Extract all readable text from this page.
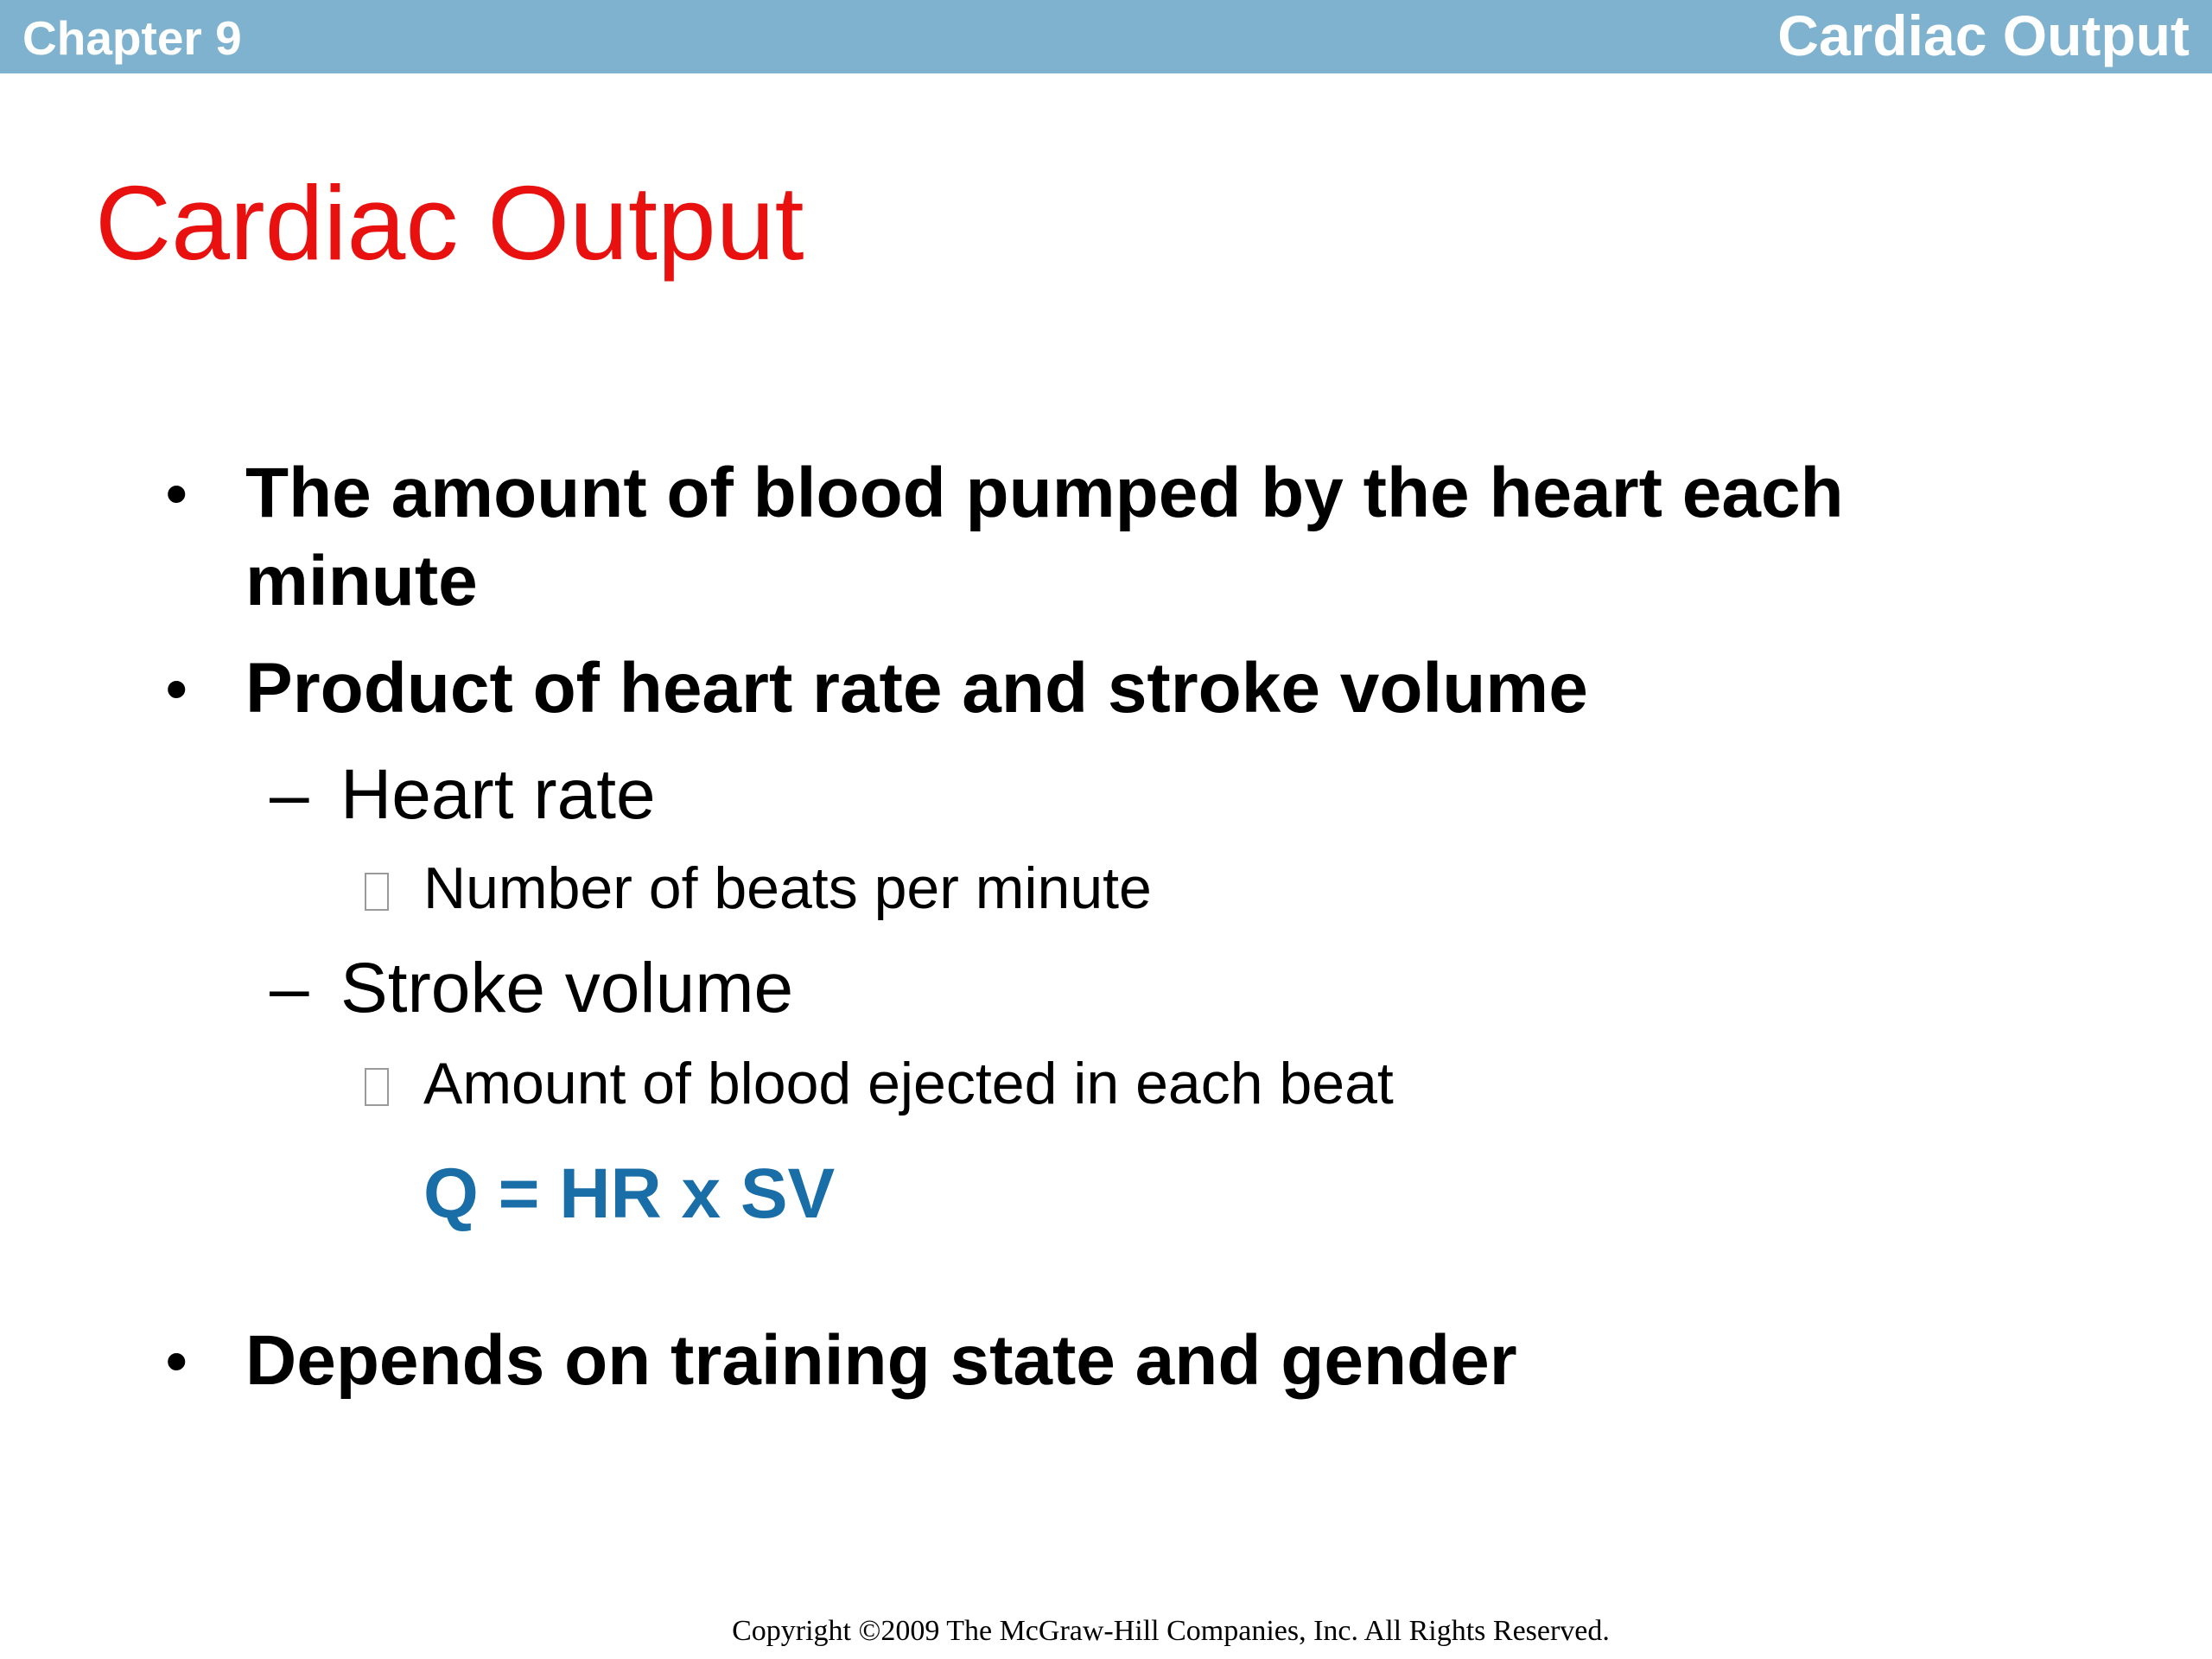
Chapter 9	Cardiac Output
Cardiac Output
• The amount of blood pumped by the heart each minute
• Product of heart rate and stroke volume
– Heart rate
Number of beats per minute
– Stroke volume
Amount of blood ejected in each beat
Q = HR x SV
• Depends on training state and gender
Copyright ©2009 The McGraw-Hill Companies, Inc. All Rights Reserved.
